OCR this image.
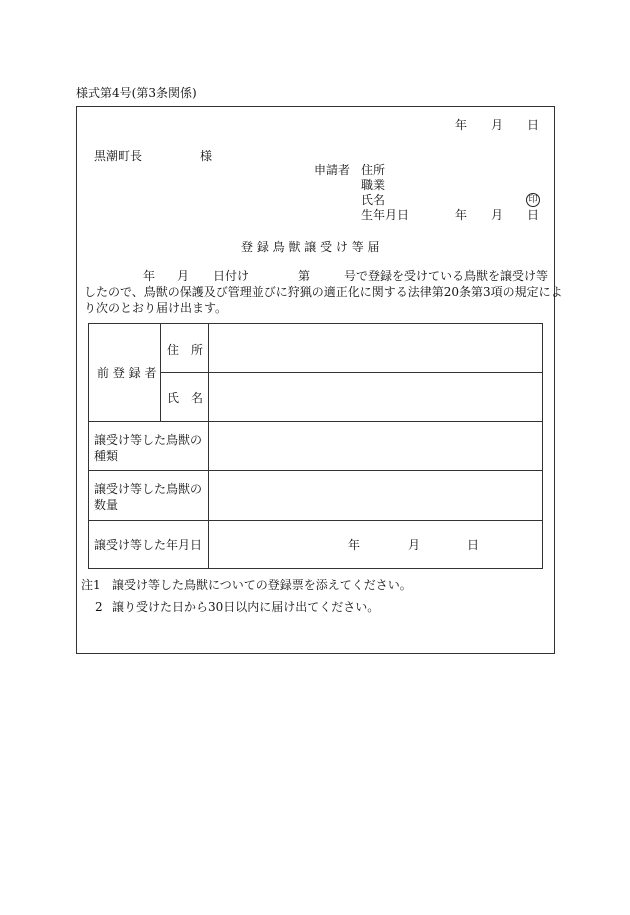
様式第4号(第3条関係)
年 月 日
黒潮町長	様
申請者 住所
職業
氏名	印
生年月日	年 月 日
登 録 鳥 獣 譲 受 け 等 届
年 月 日付け	第	号で登録を受けている鳥獣を譲受け等
したので、鳥獣の保護及び管理並びに狩猟の適正化に関する法律第20条第3項の規定によ
り次のとおり届け出ます。
前 登 録 者
住　所
氏　名
譲受け等した鳥獣の
種類
譲受け等した鳥獣の
数量
譲受け等した年月日	年	月	日
注1 譲受け等した鳥獣についての登録票を添えてください。
2 譲り受けた日から30日以内に届け出てください。
